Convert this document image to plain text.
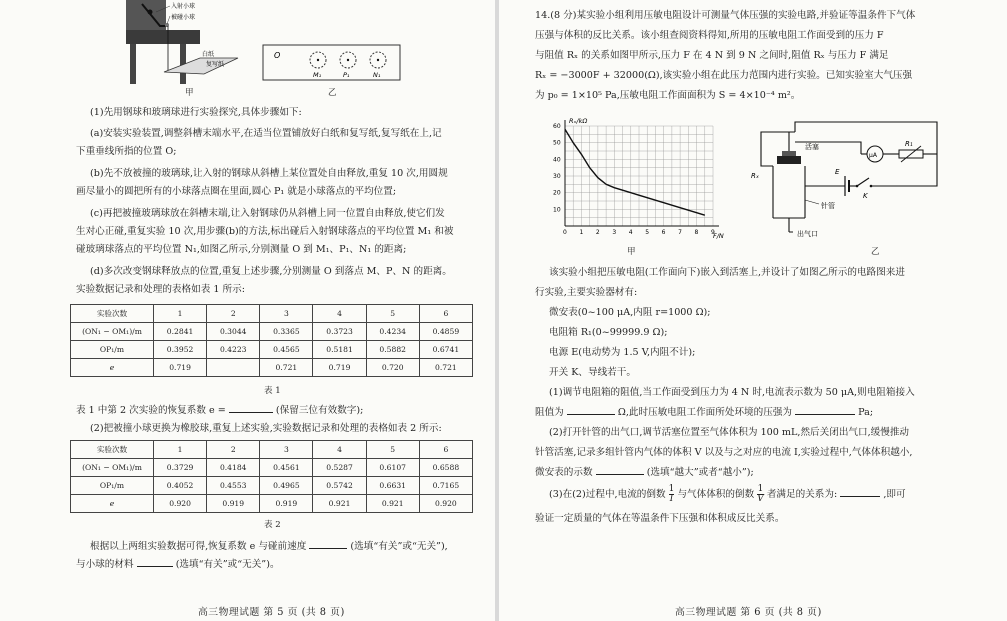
入射小球
被碰小球
白纸
复写纸
甲
O
M₁	P₁	N₁
乙
(1)先用钢球和玻璃球进行实验探究,具体步骤如下:
(a)安装实验装置,调整斜槽末端水平,在适当位置铺放好白纸和复写纸,复写纸在上,记
下重垂线所指的位置 O;
(b)先不放被撞的玻璃球,让入射的钢球从斜槽上某位置处自由释放,重复 10 次,用圆规
画尽量小的圆把所有的小球落点圈在里面,圆心 P₁ 就是小球落点的平均位置;
(c)再把被撞玻璃球放在斜槽末端,让入射钢球仍从斜槽上同一位置自由释放,使它们发
生对心正碰,重复实验 10 次,用步骤(b)的方法,标出碰后入射钢球落点的平均位置 M₁ 和被
碰玻璃球落点的平均位置 N₁,如图乙所示,分别测量 O 到 M₁、P₁、N₁ 的距离;
(d)多次改变钢球释放点的位置,重复上述步骤,分别测量 O 到落点 M、P、N 的距离。
实验数据记录和处理的表格如表 1 所示:
实验次数	1	2	3	4	5	6
(ON₁ − OM₁)/m	0.2841	0.3044	0.3365	0.3723	0.4234	0.4859
OP₁/m	0.3952	0.4223	0.4565	0.5181	0.5882	0.6741
e	0.719		0.721	0.719	0.720	0.721
表 1
表 1 中第 2 次实验的恢复系数 e =	(保留三位有效数字);
(2)把被撞小球更换为橡胶球,重复上述实验,实验数据记录和处理的表格如表 2 所示:
实验次数	1	2	3	4	5	6
(ON₁ − OM₁)/m	0.3729	0.4184	0.4561	0.5287	0.6107	0.6588
OP₁/m	0.4052	0.4553	0.4965	0.5742	0.6631	0.7165
e	0.920	0.919	0.919	0.921	0.921	0.920
表 2
根据以上两组实验数据可得,恢复系数 e 与碰前速度	(选填“有关”或“无关”),
与小球的材料	(选填“有关”或“无关”)。
高三物理试题 第 5 页 (共 8 页)
14.(8 分)某实验小组利用压敏电阻设计可测量气体压强的实验电路,并验证等温条件下气体
压强与体积的反比关系。该小组查阅资料得知,所用的压敏电阻工作面受到的压力 F
与阻值 Rₓ 的关系如图甲所示,压力 F 在 4 N 到 9 N 之间时,阻值 Rₓ 与压力 F 满足
Rₓ = −3000F + 32000(Ω),该实验小组在此压力范围内进行实验。已知实验室大气压强
为 p₀ = 1×10⁵ Pa,压敏电阻工作面面积为 S = 4×10⁻⁴ m²。
0 1 2 3 4 5 6 7 8 9
10
20
30
40
50
60
Rₓ/kΩ
F/N
甲
活塞
Rₓ	E
K
μA
R₁
针管
出气口
乙
该实验小组把压敏电阻(工作面向下)嵌入到活塞上,并设计了如图乙所示的电路图来进
行实验,主要实验器材有:
微安表(0~100 μA,内阻 r=1000 Ω);
电阻箱 R₁(0~99999.9 Ω);
电源 E(电动势为 1.5 V,内阻不计);
开关 K、导线若干。
(1)调节电阻箱的阻值,当工作面受到压力为 4 N 时,电流表示数为 50 μA,则电阻箱接入
阻值为	Ω,此时压敏电阻工作面所处环境的压强为	Pa;
(2)打开针管的出气口,调节活塞位置至气体体积为 100 mL,然后关闭出气口,缓慢推动
针管活塞,记录多组针管内气体的体积 V 以及与之对应的电流 I,实验过程中,气体体积越小,
微安表的示数	(选填“越大”或者“越小”);
(3)在(2)过程中,电流的倒数 $\frac{1}{I}$ 与气体体积的倒数 $\frac{1}{V}$ 者满足的关系为:	,即可
验证一定质量的气体在等温条件下压强和体积成反比关系。
高三物理试题 第 6 页 (共 8 页)
